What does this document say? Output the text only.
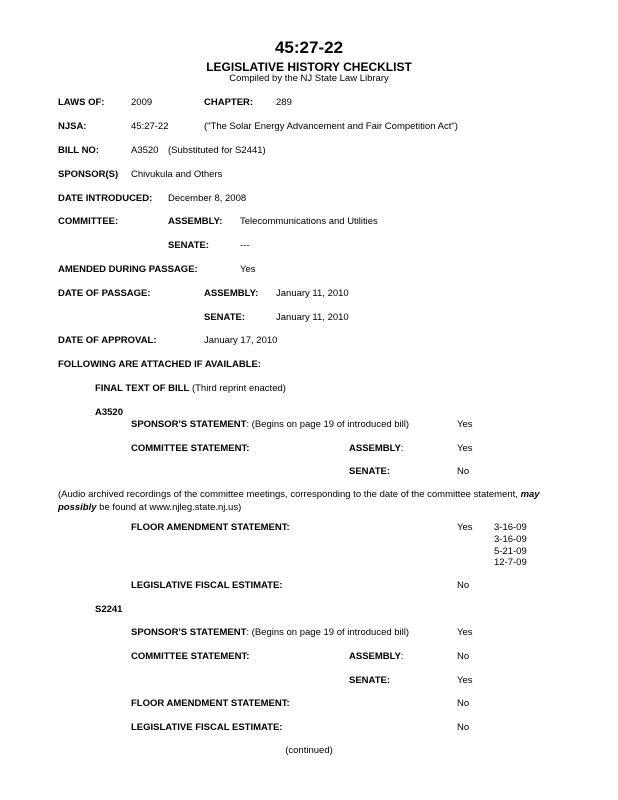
45:27-22
LEGISLATIVE HISTORY CHECKLIST
Compiled by the NJ State Law Library
LAWS OF:	2009	CHAPTER: 289
NJSA:	45:27-22	("The Solar Energy Advancement and Fair Competition Act")
BILL NO:	A3520 (Substituted for S2441)
SPONSOR(S) Chivukula and Others
DATE INTRODUCED: December 8, 2008
COMMITTEE:	ASSEMBLY: Telecommunications and Utilities
SENATE:	---
AMENDED DURING PASSAGE:	Yes
DATE OF PASSAGE:	ASSEMBLY: January 11, 2010
SENATE:	January 11, 2010
DATE OF APPROVAL:	January 17, 2010
FOLLOWING ARE ATTACHED IF AVAILABLE:
FINAL TEXT OF BILL (Third reprint enacted)
A3520
SPONSOR'S STATEMENT: (Begins on page 19 of introduced bill)	Yes
COMMITTEE STATEMENT:	ASSEMBLY:	Yes
SENATE:	No
(Audio archived recordings of the committee meetings, corresponding to the date of the committee statement, may possibly be found at www.njleg.state.nj.us)
FLOOR AMENDMENT STATEMENT:	Yes 3-16-09
3-16-09
5-21-09
12-7-09
LEGISLATIVE FISCAL ESTIMATE:	No
S2241
SPONSOR'S STATEMENT: (Begins on page 19 of introduced bill)	Yes
COMMITTEE STATEMENT:	ASSEMBLY:	No
SENATE:	Yes
FLOOR AMENDMENT STATEMENT:	No
LEGISLATIVE FISCAL ESTIMATE:	No
(continued)
